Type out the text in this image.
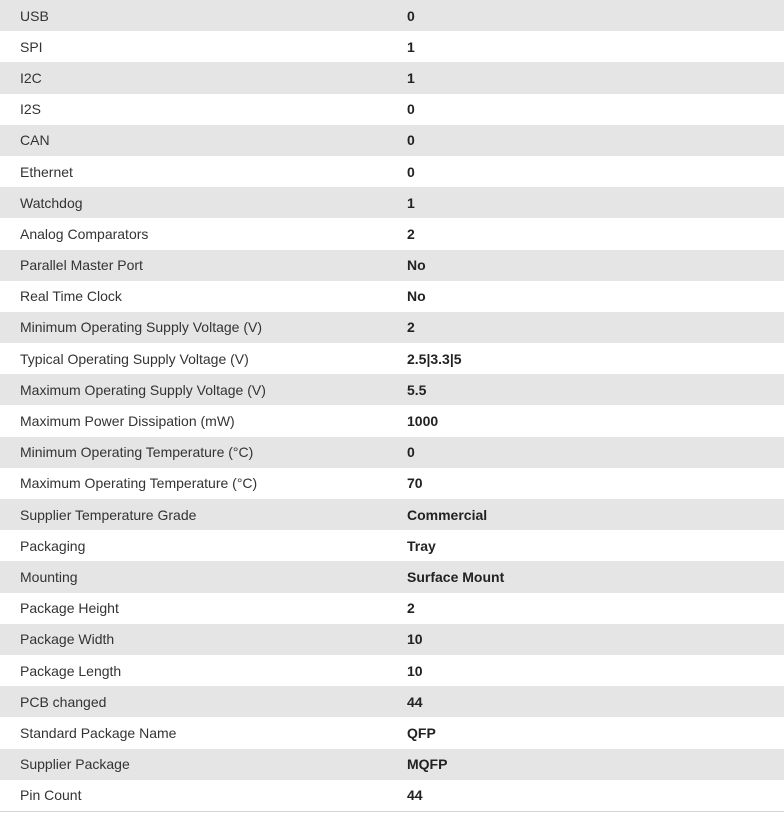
USB	0
SPI	1
I2C	1
I2S	0
CAN	0
Ethernet	0
Watchdog	1
Analog Comparators	2
Parallel Master Port	No
Real Time Clock	No
Minimum Operating Supply Voltage (V)	2
Typical Operating Supply Voltage (V)	2.5|3.3|5
Maximum Operating Supply Voltage (V)	5.5
Maximum Power Dissipation (mW)	1000
Minimum Operating Temperature (°C)	0
Maximum Operating Temperature (°C)	70
Supplier Temperature Grade	Commercial
Packaging	Tray
Mounting	Surface Mount
Package Height	2
Package Width	10
Package Length	10
PCB changed	44
Standard Package Name	QFP
Supplier Package	MQFP
Pin Count	44
